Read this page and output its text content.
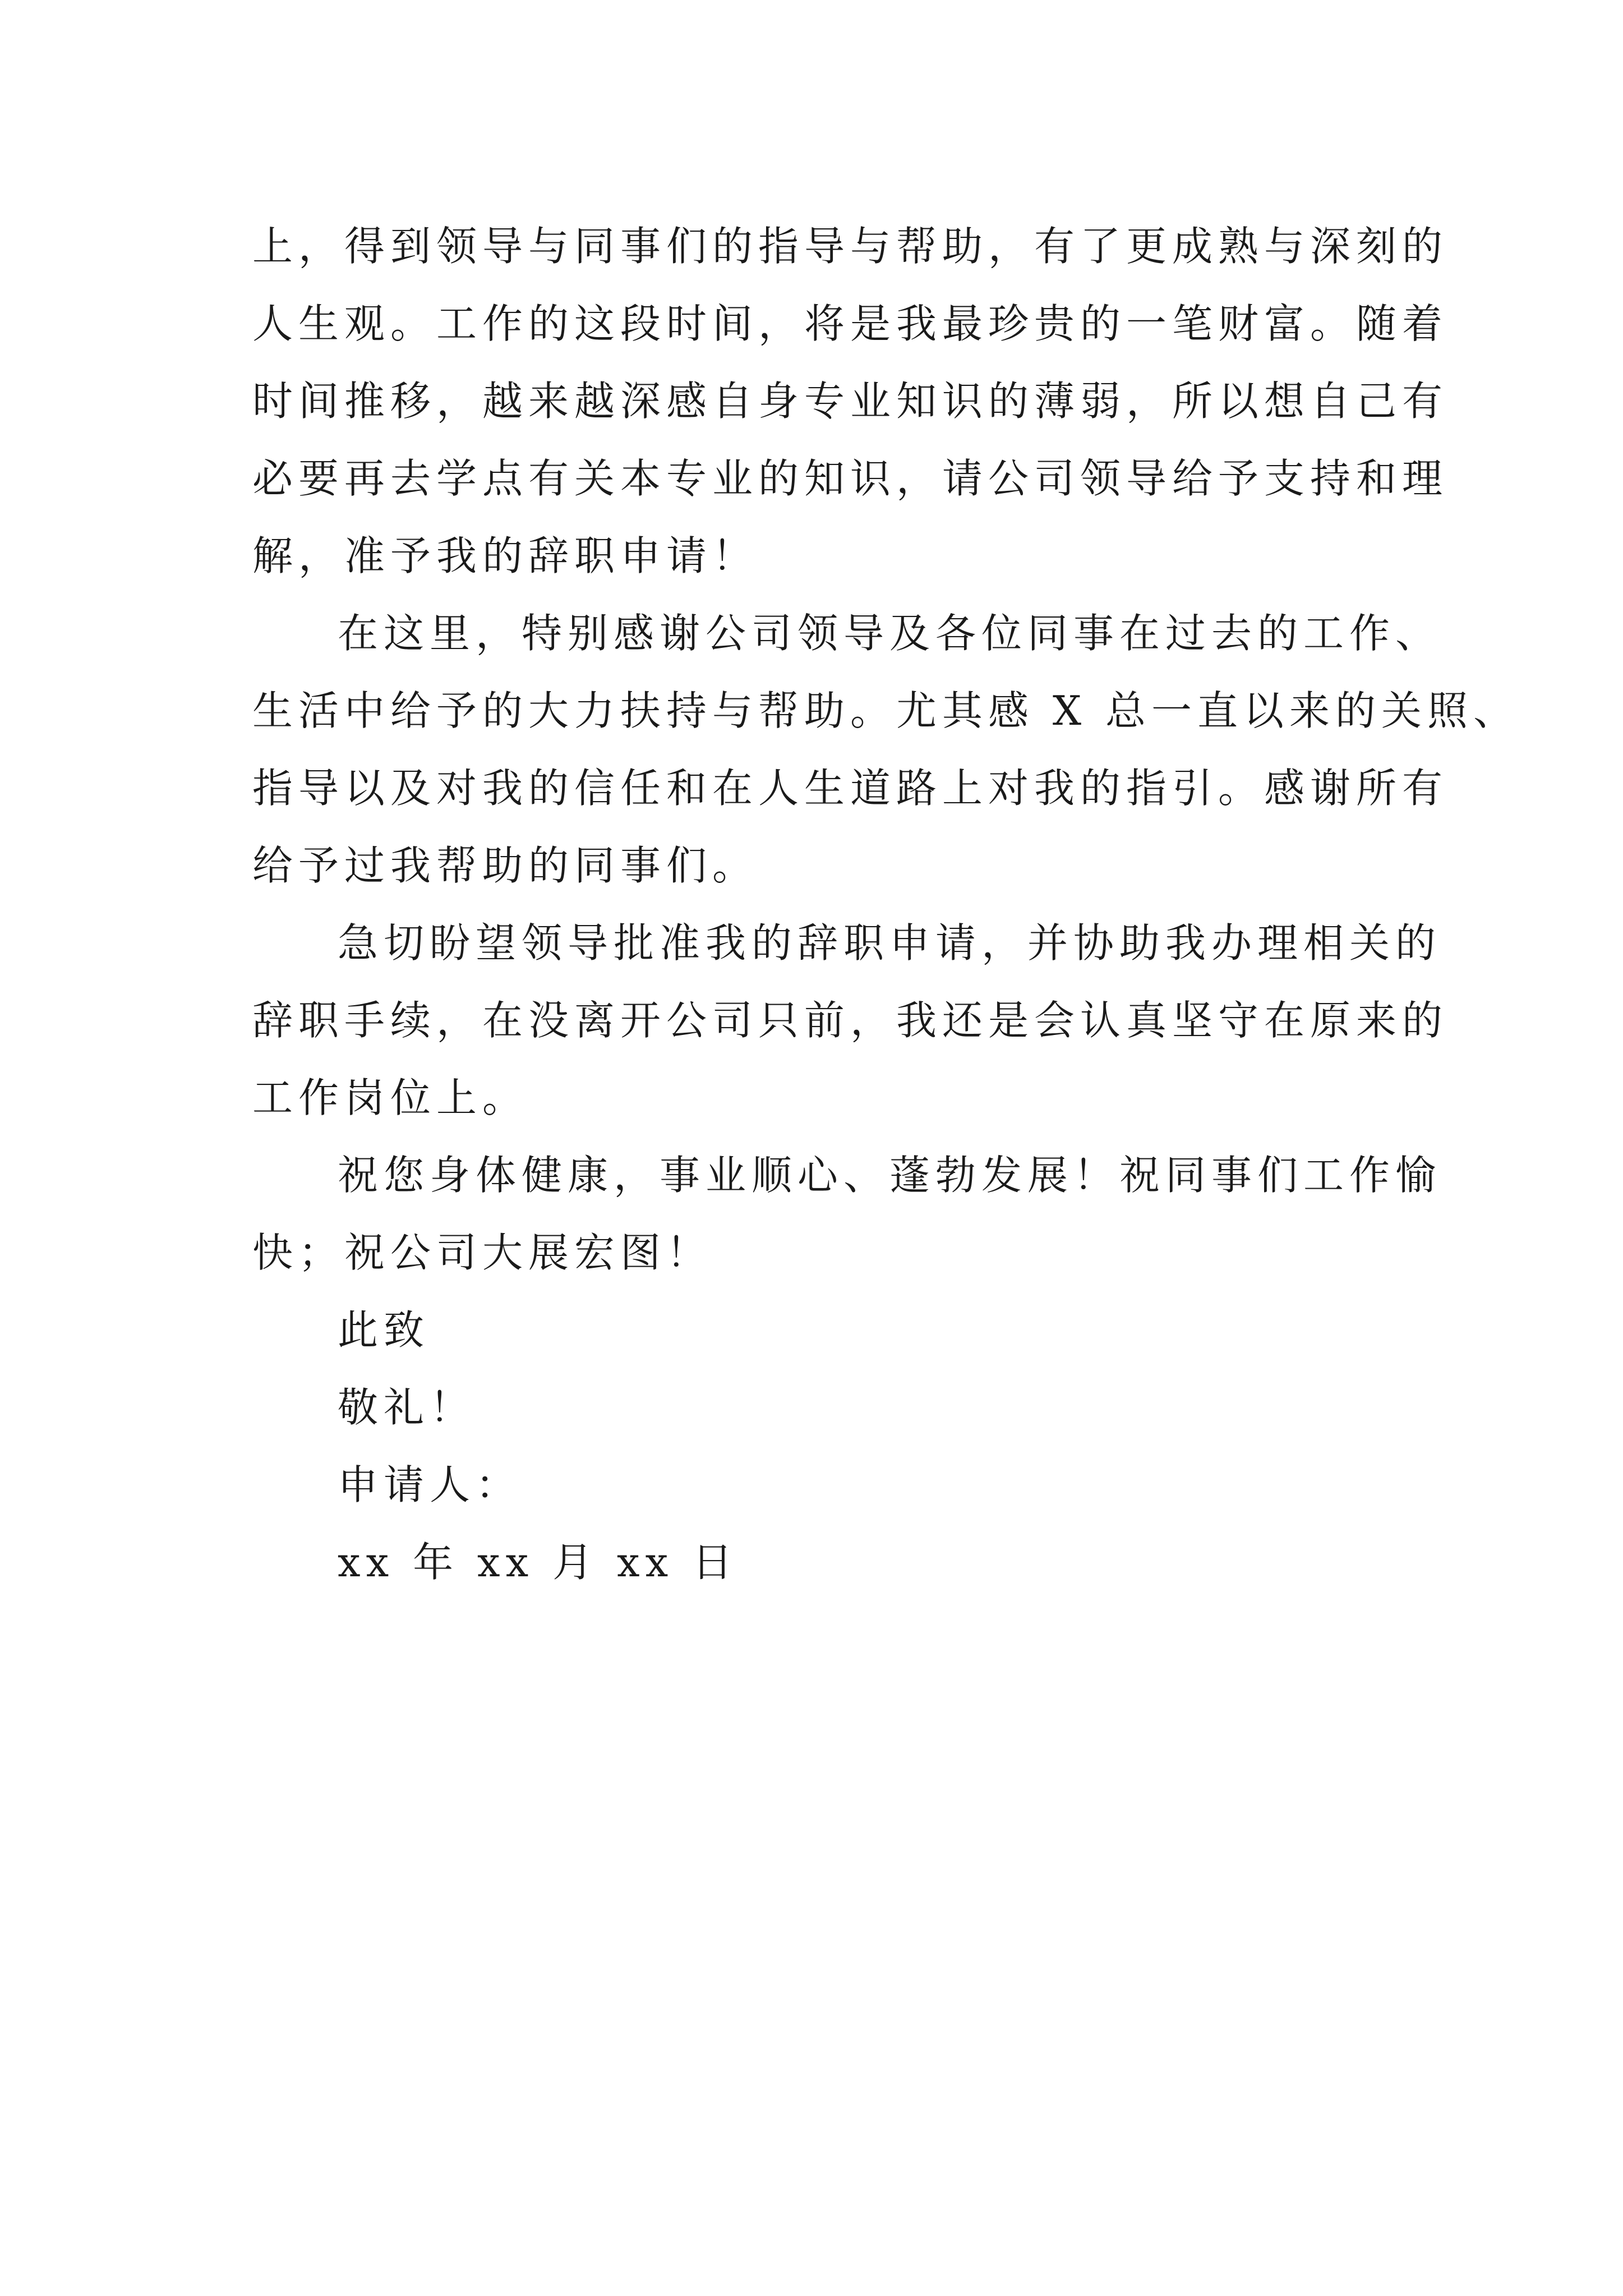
上，得到领导与同事们的指导与帮助，有了更成熟与深刻的
人生观。工作的这段时间，将是我最珍贵的一笔财富。随着
时间推移，越来越深感自身专业知识的薄弱，所以想自己有
必要再去学点有关本专业的知识，请公司领导给予支持和理
解，准予我的辞职申请！
在这里，特别感谢公司领导及各位同事在过去的工作、
生活中给予的大力扶持与帮助。尤其感 X 总一直以来的关照、
指导以及对我的信任和在人生道路上对我的指引。感谢所有
给予过我帮助的同事们。
急切盼望领导批准我的辞职申请，并协助我办理相关的
辞职手续，在没离开公司只前，我还是会认真坚守在原来的
工作岗位上。
祝您身体健康，事业顺心、蓬勃发展！祝同事们工作愉
快；祝公司大展宏图！
此致
敬礼！
申请人：
xx 年 xx 月 xx 日
